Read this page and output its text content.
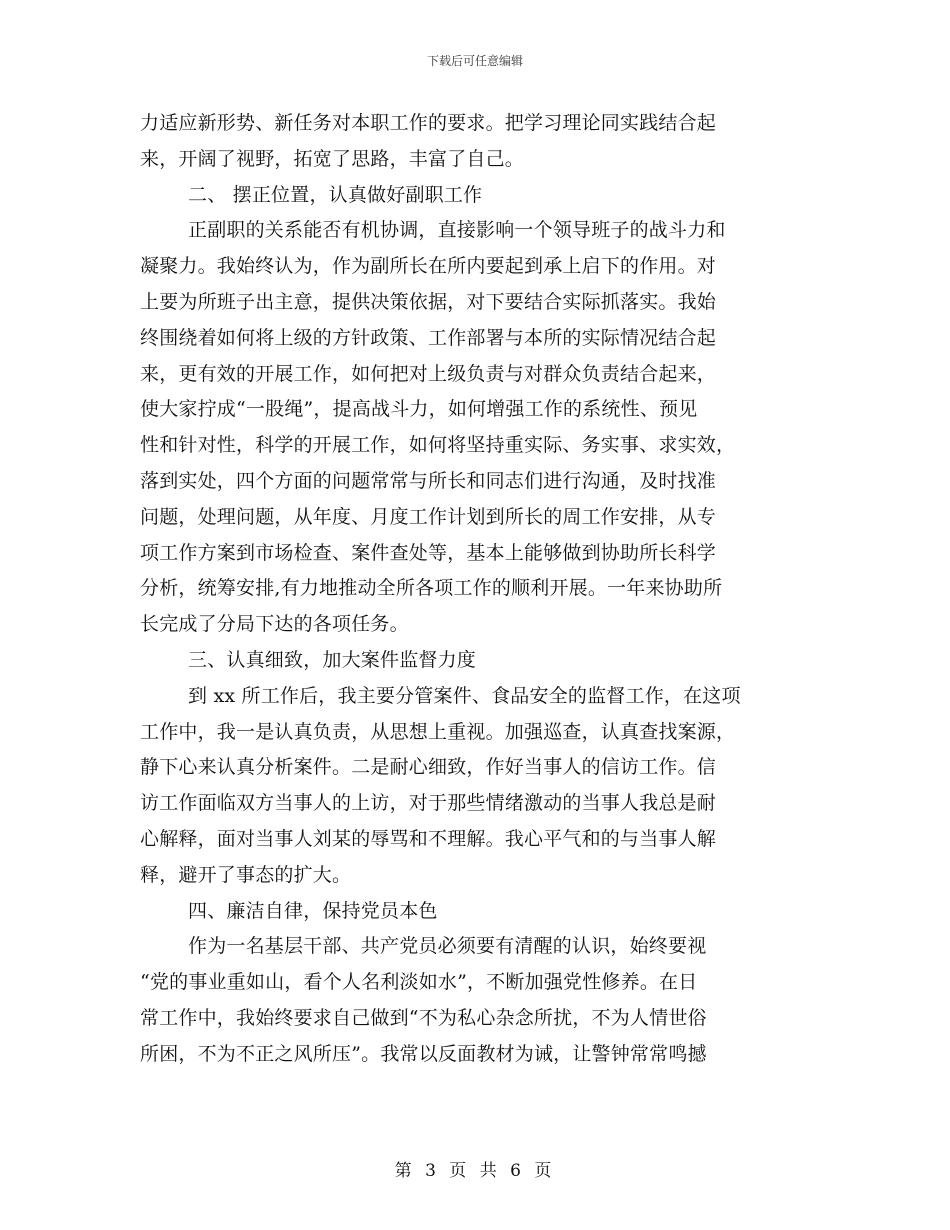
下载后可任意编辑
力适应新形势、新任务对本职工作的要求。把学习理论同实践结合起
来，开阔了视野，拓宽了思路，丰富了自己。
二、 摆正位置，认真做好副职工作
正副职的关系能否有机协调，直接影响一个领导班子的战斗力和
凝聚力。我始终认为，作为副所长在所内要起到承上启下的作用。对
上要为所班子出主意，提供决策依据，对下要结合实际抓落实。我始
终围绕着如何将上级的方针政策、工作部署与本所的实际情况结合起
来，更有效的开展工作，如何把对上级负责与对群众负责结合起来，
使大家拧成“一股绳”，提高战斗力，如何增强工作的系统性、预见
性和针对性，科学的开展工作，如何将坚持重实际、务实事、求实效，
落到实处，四个方面的问题常常与所长和同志们进行沟通，及时找准
问题，处理问题，从年度、月度工作计划到所长的周工作安排，从专
项工作方案到市场检查、案件查处等，基本上能够做到协助所长科学
分析，统筹安排,有力地推动全所各项工作的顺利开展。一年来协助所
长完成了分局下达的各项任务。
三、认真细致，加大案件监督力度
到 xx 所工作后，我主要分管案件、食品安全的监督工作，在这项
工作中，我一是认真负责，从思想上重视。加强巡查，认真查找案源，
静下心来认真分析案件。二是耐心细致，作好当事人的信访工作。信
访工作面临双方当事人的上访，对于那些情绪激动的当事人我总是耐
心解释，面对当事人刘某的辱骂和不理解。我心平气和的与当事人解
释，避开了事态的扩大。
四、廉洁自律，保持党员本色
作为一名基层干部、共产党员必须要有清醒的认识，始终要视
“党的事业重如山，看个人名利淡如水”，不断加强党性修养。在日
常工作中，我始终要求自己做到“不为私心杂念所扰，不为人情世俗
所困，不为不正之风所压”。我常以反面教材为诫，让警钟常常鸣撼
第 3 页 共 6 页
